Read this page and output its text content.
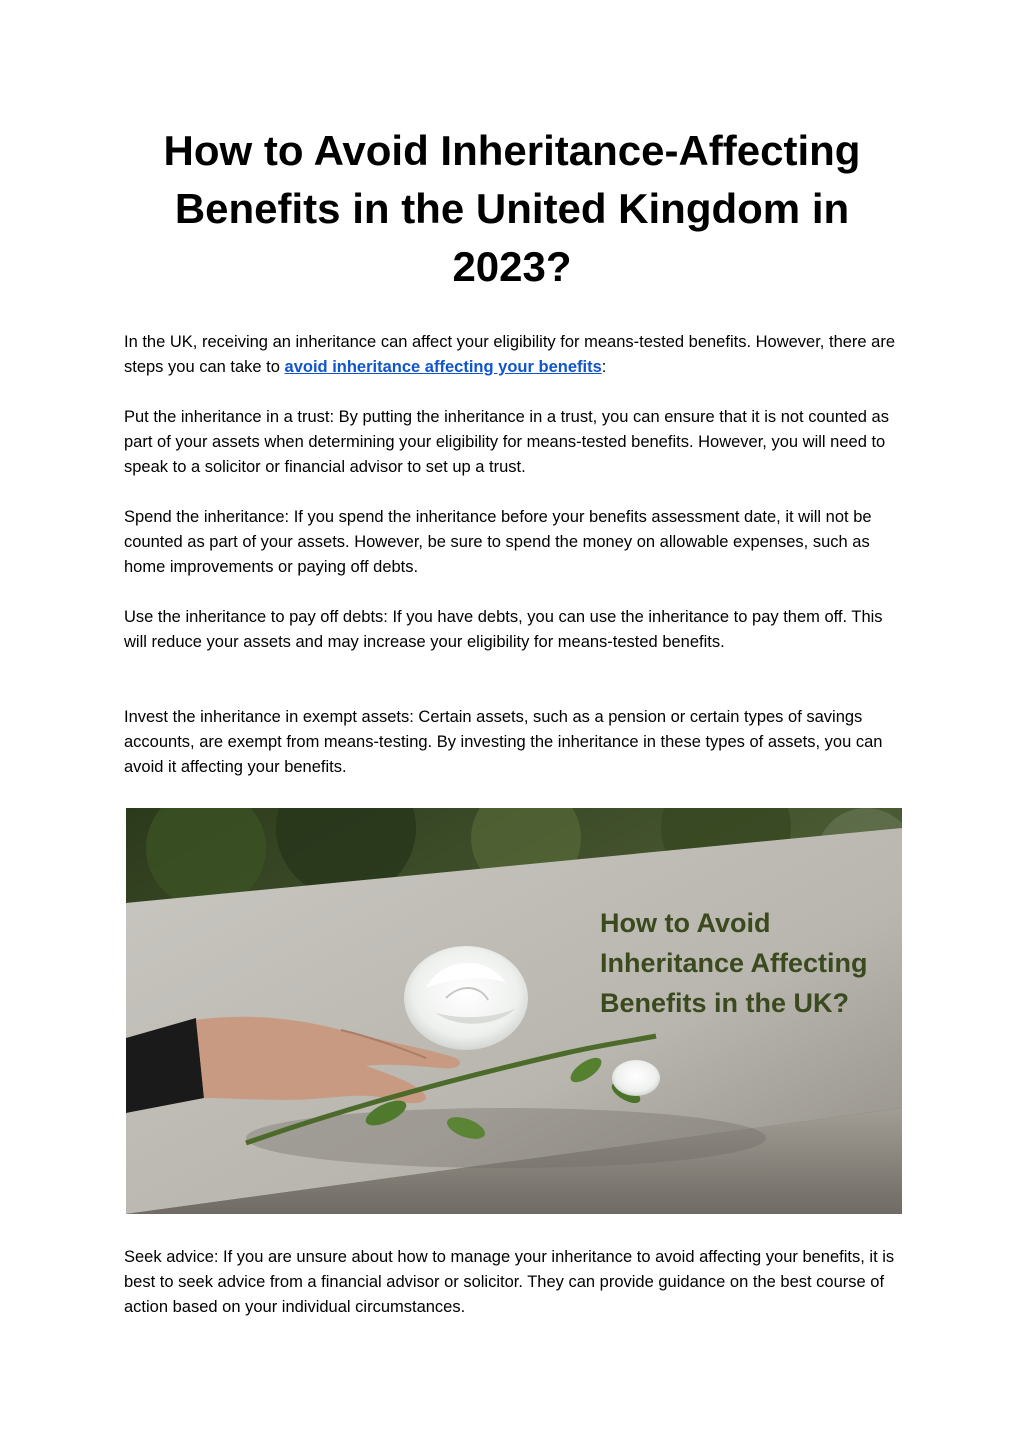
How to Avoid Inheritance-Affecting Benefits in the United Kingdom in 2023?

In the UK, receiving an inheritance can affect your eligibility for means-tested benefits. However, there are steps you can take to avoid inheritance affecting your benefits:

Put the inheritance in a trust: By putting the inheritance in a trust, you can ensure that it is not counted as part of your assets when determining your eligibility for means-tested benefits. However, you will need to speak to a solicitor or financial advisor to set up a trust.

Spend the inheritance: If you spend the inheritance before your benefits assessment date, it will not be counted as part of your assets. However, be sure to spend the money on allowable expenses, such as home improvements or paying off debts.

Use the inheritance to pay off debts: If you have debts, you can use the inheritance to pay them off. This will reduce your assets and may increase your eligibility for means-tested benefits.

Invest the inheritance in exempt assets: Certain assets, such as a pension or certain types of savings accounts, are exempt from means-testing. By investing the inheritance in these types of assets, you can avoid it affecting your benefits.

How to Avoid
Inheritance Affecting
Benefits in the UK?

Seek advice: If you are unsure about how to manage your inheritance to avoid affecting your benefits, it is best to seek advice from a financial advisor or solicitor. They can provide guidance on the best course of action based on your individual circumstances.
